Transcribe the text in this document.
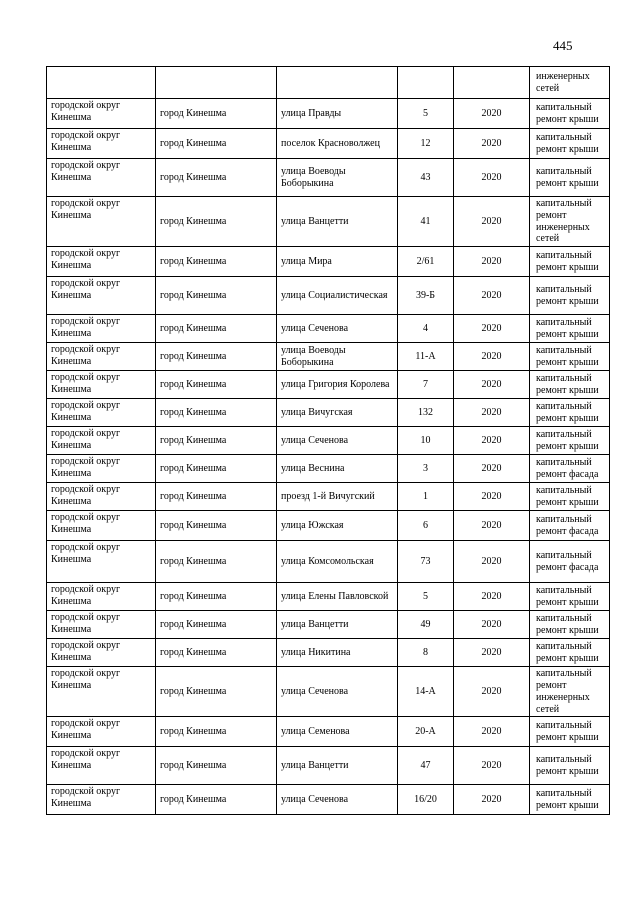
445
					инженерных сетей
городской округ Кинешма	город Кинешма	улица Правды	5	2020	капитальный ремонт крыши
городской округ Кинешма	город Кинешма	поселок Красноволжец	12	2020	капитальный ремонт крыши
городской округ Кинешма	город Кинешма	улица Воеводы Боборыкина	43	2020	капитальный ремонт крыши
городской округ Кинешма	город Кинешма	улица Ванцетти	41	2020	капитальный ремонт инженерных сетей
городской округ Кинешма	город Кинешма	улица Мира	2/61	2020	капитальный ремонт крыши
городской округ Кинешма	город Кинешма	улица Социалистическая	39-Б	2020	капитальный ремонт крыши
городской округ Кинешма	город Кинешма	улица Сеченова	4	2020	капитальный ремонт крыши
городской округ Кинешма	город Кинешма	улица Воеводы Боборыкина	11-А	2020	капитальный ремонт крыши
городской округ Кинешма	город Кинешма	улица Григория Королева	7	2020	капитальный ремонт крыши
городской округ Кинешма	город Кинешма	улица Вичугская	132	2020	капитальный ремонт крыши
городской округ Кинешма	город Кинешма	улица Сеченова	10	2020	капитальный ремонт крыши
городской округ Кинешма	город Кинешма	улица Веснина	3	2020	капитальный ремонт фасада
городской округ Кинешма	город Кинешма	проезд 1-й Вичугский	1	2020	капитальный ремонт крыши
городской округ Кинешма	город Кинешма	улица Южская	6	2020	капитальный ремонт фасада
городской округ Кинешма	город Кинешма	улица Комсомольская	73	2020	капитальный ремонт фасада
городской округ Кинешма	город Кинешма	улица Елены Павловской	5	2020	капитальный ремонт крыши
городской округ Кинешма	город Кинешма	улица Ванцетти	49	2020	капитальный ремонт крыши
городской округ Кинешма	город Кинешма	улица Никитина	8	2020	капитальный ремонт крыши
городской округ Кинешма	город Кинешма	улица Сеченова	14-А	2020	капитальный ремонт инженерных сетей
городской округ Кинешма	город Кинешма	улица Семенова	20-А	2020	капитальный ремонт крыши
городской округ Кинешма	город Кинешма	улица Ванцетти	47	2020	капитальный ремонт крыши
городской округ Кинешма	город Кинешма	улица Сеченова	16/20	2020	капитальный ремонт крыши
